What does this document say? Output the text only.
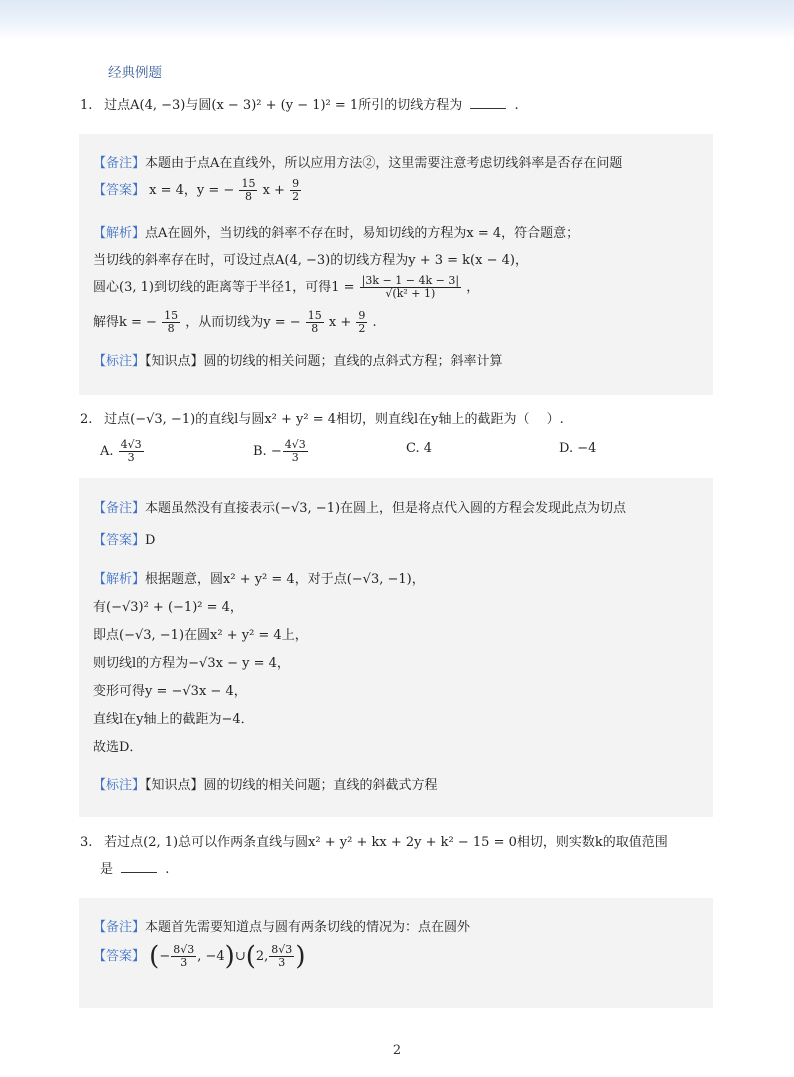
经典例题
1. 过点A(4, −3)与圆(x − 3)² + (y − 1)² = 1所引的切线方程为	.
【备注】本题由于点A在直线外，所以应用方法②，这里需要注意考虑切线斜率是否存在问题
【答案】 x = 4，y = − $\frac{15}{8}$ $x + \frac{9}{2}$
【解析】点A在圆外，当切线的斜率不存在时，易知切线的方程为x = 4，符合题意；
当切线的斜率存在时，可设过点A(4, −3)的切线方程为y + 3 = k(x − 4)，
圆心(3, 1)到切线的距离等于半径1，可得$1 = \frac{|3k - 1 - 4k - 3|}{\text{√(k² + 1)}}$ ，
解得k = − $\frac{15}{8}$ ，从而切线为y = − $\frac{15}{8}$ $x + \frac{9}{2}$ .
【标注】【知识点】圆的切线的相关问题；直线的点斜式方程；斜率计算
2. 过点(−√3, −1)的直线l与圆x² + y² = 4相切，则直线l在y轴上的截距为（　 ）.
A. $\frac{4√3}{3}$	B. − $\frac{4√3}{3}$	C. 4	D. −4
【备注】本题虽然没有直接表示(−√3, −1)在圆上，但是将点代入圆的方程会发现此点为切点
【答案】D
【解析】根据题意，圆x² + y² = 4，对于点(−√3, −1)，
有(−√3)² + (−1)² = 4，
即点(−√3, −1)在圆x² + y² = 4上，
则切线l的方程为−√3x − y = 4，
变形可得y = −√3x − 4，
直线l在y轴上的截距为−4．
故选D．
【标注】【知识点】圆的切线的相关问题；直线的斜截式方程
3. 若过点(2, 1)总可以作两条直线与圆x² + y² + kx + 2y + k² − 15 = 0相切，则实数k的取值范围
是	.
【备注】本题首先需要知道点与圆有两条切线的情况为：点在圆外
【答案】 (− $\frac{8√3}{3}$ , −4)∪(2, $\frac{8√3}{3}$ )
2
